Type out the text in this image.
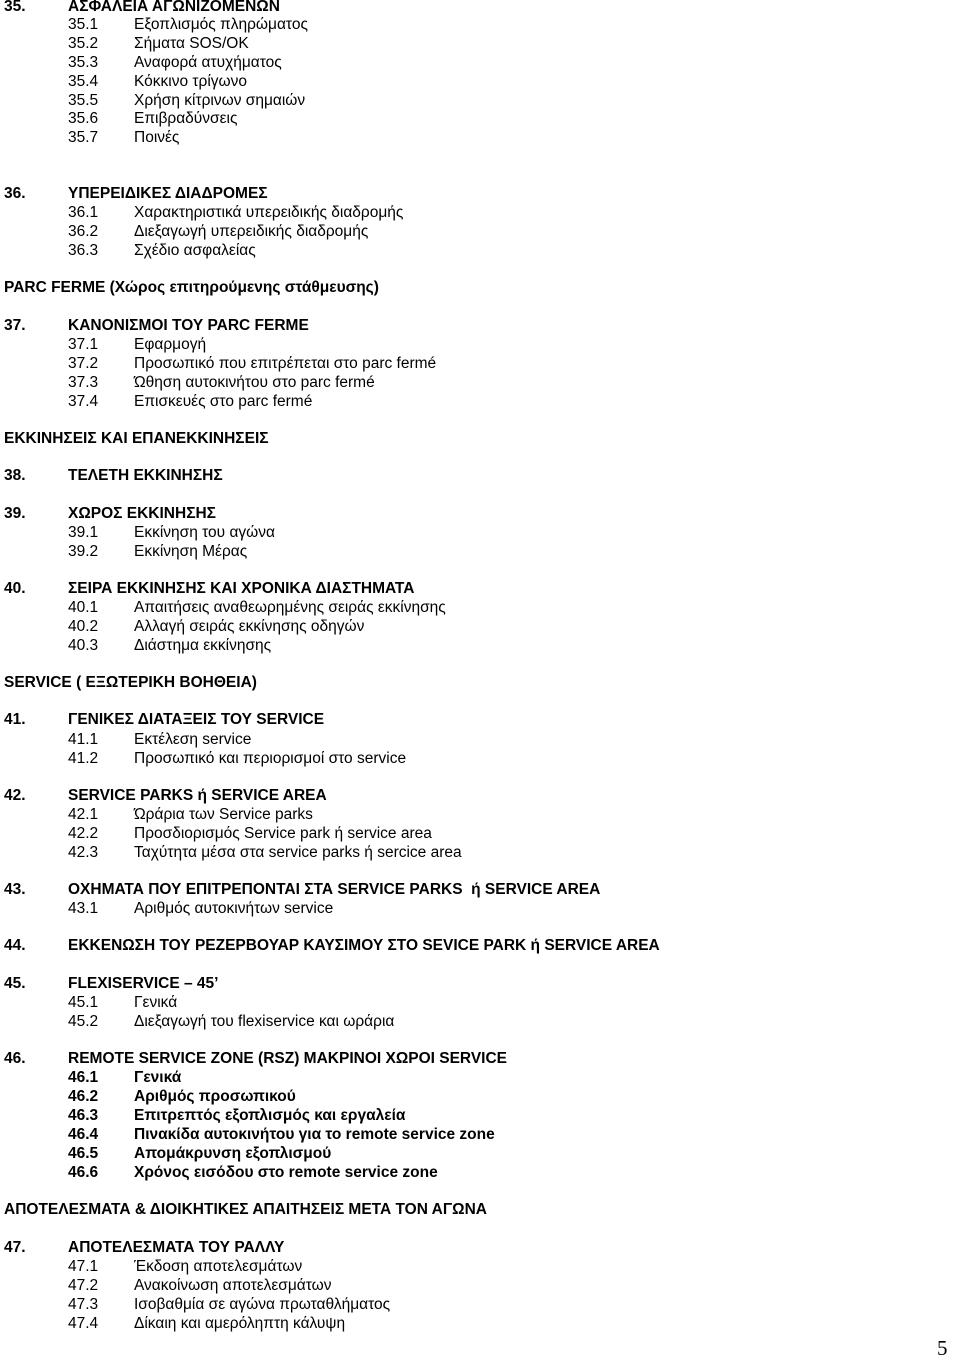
35.	ΑΣΦΑΛΕΙΑ ΑΓΩΝΙΖΟΜΕΝΩΝ
35.1 Εξοπλισμός πληρώματος
35.2 Σήματα SOS/OK
35.3 Αναφορά ατυχήματος
35.4 Κόκκινο τρίγωνο
35.5 Χρήση κίτρινων σημαιών
35.6 Επιβραδύνσεις
35.7 Ποινές
36.	ΥΠΕΡΕΙΔΙΚΕΣ ΔΙΑΔΡΟΜΕΣ
36.1 Χαρακτηριστικά υπερειδικής διαδρομής
36.2 Διεξαγωγή υπερειδικής διαδρομής
36.3 Σχέδιο ασφαλείας
PARC FERME (Χώρος επιτηρούμενης στάθμευσης)
37.	ΚΑΝΟΝΙΣΜΟΙ ΤΟΥ PARC FERME
37.1 Εφαρμογή
37.2 Προσωπικό που επιτρέπεται στο parc fermé
37.3 Ώθηση αυτοκινήτου στο parc fermé
37.4 Επισκευές στο parc fermé
ΕΚΚΙΝΗΣΕΙΣ ΚΑΙ ΕΠΑΝΕΚΚΙΝΗΣΕΙΣ
38.	ΤΕΛΕΤΗ ΕΚΚΙΝΗΣΗΣ
39.	ΧΩΡΟΣ ΕΚΚΙΝΗΣΗΣ
39.1 Εκκίνηση του αγώνα
39.2 Εκκίνηση Μέρας
40.	ΣΕΙΡΑ ΕΚΚΙΝΗΣΗΣ ΚΑΙ ΧΡΟΝΙΚΑ ΔΙΑΣΤΗΜΑΤΑ
40.1 Απαιτήσεις αναθεωρημένης σειράς εκκίνησης
40.2 Αλλαγή σειράς εκκίνησης οδηγών
40.3 Διάστημα εκκίνησης
SERVICE ( ΕΞΩΤΕΡΙΚΗ ΒΟΗΘΕΙΑ)
41.	ΓΕΝΙΚΕΣ ΔΙΑΤΑΞΕΙΣ ΤΟΥ SERVICE
41.1 Εκτέλεση service
41.2 Προσωπικό και περιορισμοί στο service
42.	SERVICE PARKS ή SERVICE AREA
42.1 Ώράρια των Service parks
42.2 Προσδιορισμός Service park ή service area
42.3 Ταχύτητα μέσα στα service parks ή sercice area
43.	ΟΧΗΜΑΤΑ ΠΟΥ ΕΠΙΤΡΕΠΟΝΤΑΙ ΣΤΑ SERVICE PARKS  ή SERVICE AREA
43.1 Αριθμός αυτοκινήτων service
44.	ΕΚΚΕΝΩΣΗ ΤΟΥ ΡΕΖΕΡΒΟΥΑΡ ΚΑΥΣΙΜΟΥ ΣΤΟ SEVICE PARK ή SERVICE AREA
45.	FLEXISERVICE – 45’
45.1 Γενικά
45.2 Διεξαγωγή του flexiservice και ωράρια
46.	REMOTE SERVICE ZONE (RSZ) ΜΑΚΡΙΝΟΙ ΧΩΡΟΙ SERVICE
46.1 Γενικά
46.2 Αριθμός προσωπικού
46.3 Επιτρεπτός εξοπλισμός και εργαλεία
46.4 Πινακίδα αυτοκινήτου για το remote service zone
46.5 Απομάκρυνση εξοπλισμού
46.6 Χρόνος εισόδου στο remote service zone
ΑΠΟΤΕΛΕΣΜΑΤΑ & ΔΙΟΙΚΗΤΙΚΕΣ ΑΠΑΙΤΗΣΕΙΣ ΜΕΤΑ ΤΟΝ ΑΓΩΝΑ
47.	ΑΠΟΤΕΛΕΣΜΑΤΑ ΤΟΥ ΡΑΛΛΥ
47.1 Έκδοση αποτελεσμάτων
47.2 Ανακοίνωση αποτελεσμάτων
47.3 Ισοβαθμία σε αγώνα πρωταθλήματος
47.4 Δίκαιη και αμερόληπτη κάλυψη
5
